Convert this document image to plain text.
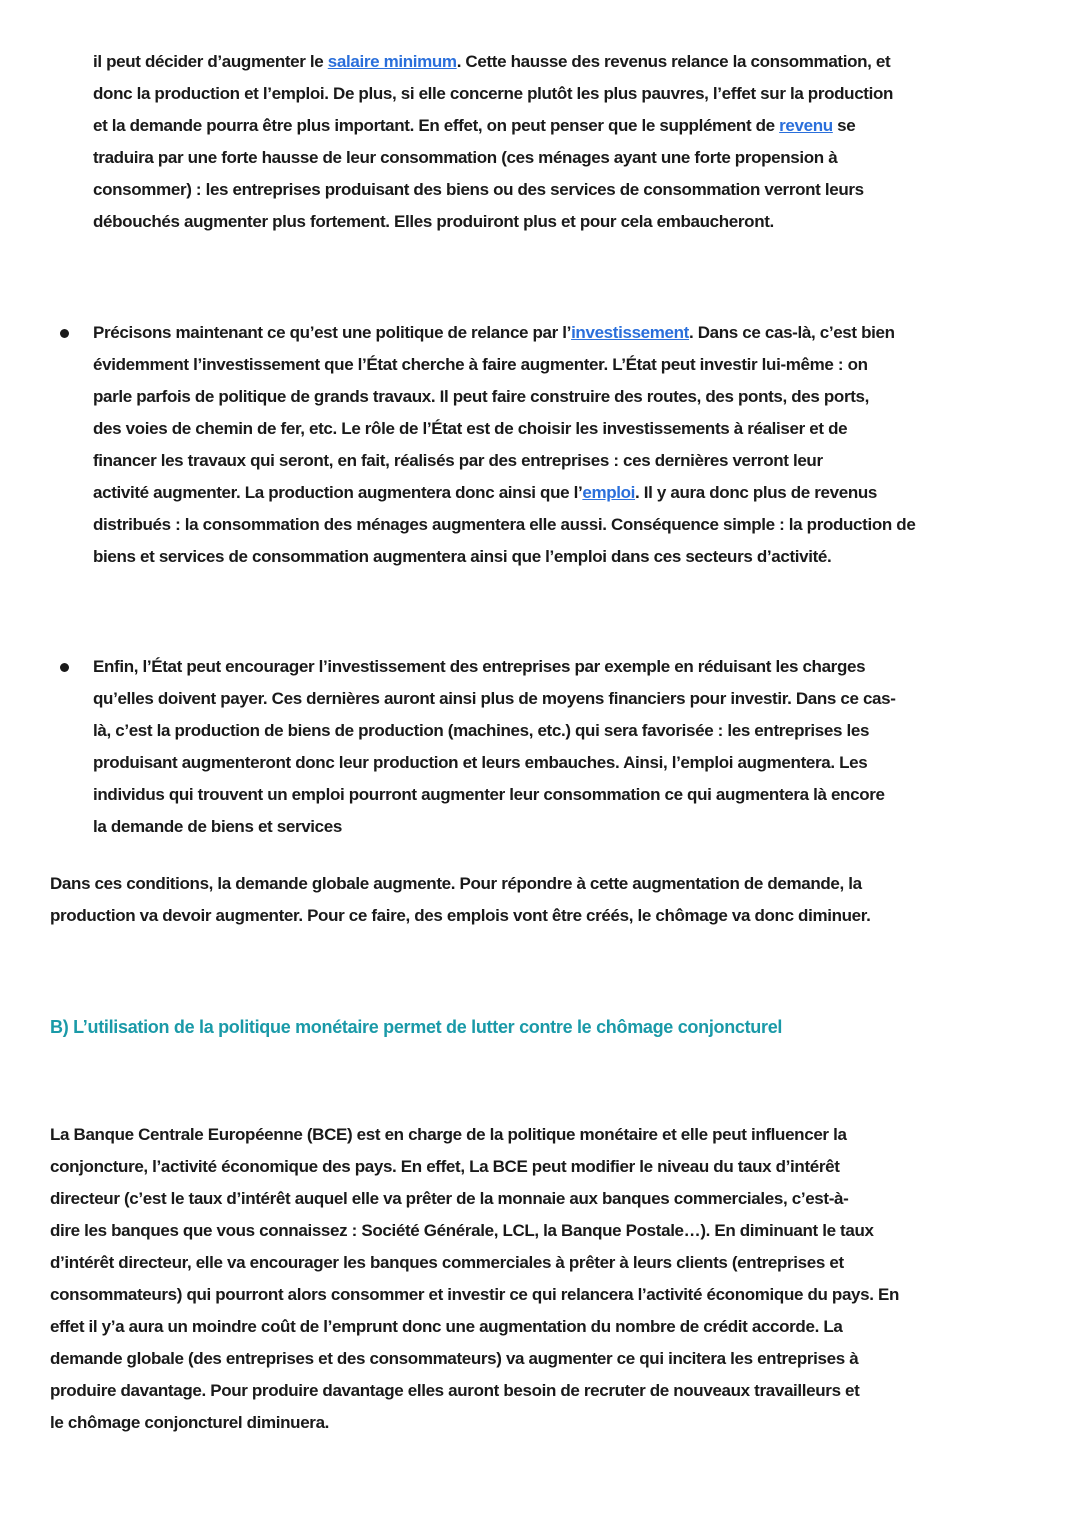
il peut décider d’augmenter le salaire minimum. Cette hausse des revenus relance la consommation, et
donc la production et l’emploi. De plus, si elle concerne plutôt les plus pauvres, l’effet sur la production
et la demande pourra être plus important. En effet, on peut penser que le supplément de revenu se
traduira par une forte hausse de leur consommation (ces ménages ayant une forte propension à
consommer) : les entreprises produisant des biens ou des services de consommation verront leurs
débouchés augmenter plus fortement. Elles produiront plus et pour cela embaucheront.
Précisons maintenant ce qu’est une politique de relance par l’investissement. Dans ce cas-là, c’est bien
évidemment l’investissement que l’État cherche à faire augmenter. L’État peut investir lui-même : on
parle parfois de politique de grands travaux. Il peut faire construire des routes, des ponts, des ports,
des voies de chemin de fer, etc. Le rôle de l’État est de choisir les investissements à réaliser et de
financer les travaux qui seront, en fait, réalisés par des entreprises : ces dernières verront leur
activité augmenter. La production augmentera donc ainsi que l’emploi. Il y aura donc plus de revenus
distribués : la consommation des ménages augmentera elle aussi. Conséquence simple : la production de
biens et services de consommation augmentera ainsi que l’emploi dans ces secteurs d’activité.
Enfin, l’État peut encourager l’investissement des entreprises par exemple en réduisant les charges
qu’elles doivent payer. Ces dernières auront ainsi plus de moyens financiers pour investir. Dans ce cas-
là, c’est la production de biens de production (machines, etc.) qui sera favorisée : les entreprises les
produisant augmenteront donc leur production et leurs embauches. Ainsi, l’emploi augmentera. Les
individus qui trouvent un emploi pourront augmenter leur consommation ce qui augmentera là encore
la demande de biens et services
Dans ces conditions, la demande globale augmente. Pour répondre à cette augmentation de demande, la
production va devoir augmenter. Pour ce faire, des emplois vont être créés, le chômage va donc diminuer.
B) L’utilisation de la politique monétaire permet de lutter contre le chômage conjoncturel
La Banque Centrale Européenne (BCE) est en charge de la politique monétaire et elle peut influencer la
conjoncture, l’activité économique des pays. En effet, La BCE peut modifier le niveau du taux d’intérêt
directeur (c’est le taux d’intérêt auquel elle va prêter de la monnaie aux banques commerciales, c’est-à-
dire les banques que vous connaissez : Société Générale, LCL, la Banque Postale…). En diminuant le taux
d’intérêt directeur, elle va encourager les banques commerciales à prêter à leurs clients (entreprises et
consommateurs) qui pourront alors consommer et investir ce qui relancera l’activité économique du pays. En
effet il y’a aura un moindre coût de l’emprunt donc une augmentation du nombre de crédit accorde. La
demande globale (des entreprises et des consommateurs) va augmenter ce qui incitera les entreprises à
produire davantage. Pour produire davantage elles auront besoin de recruter de nouveaux travailleurs et
le chômage conjoncturel diminuera.
